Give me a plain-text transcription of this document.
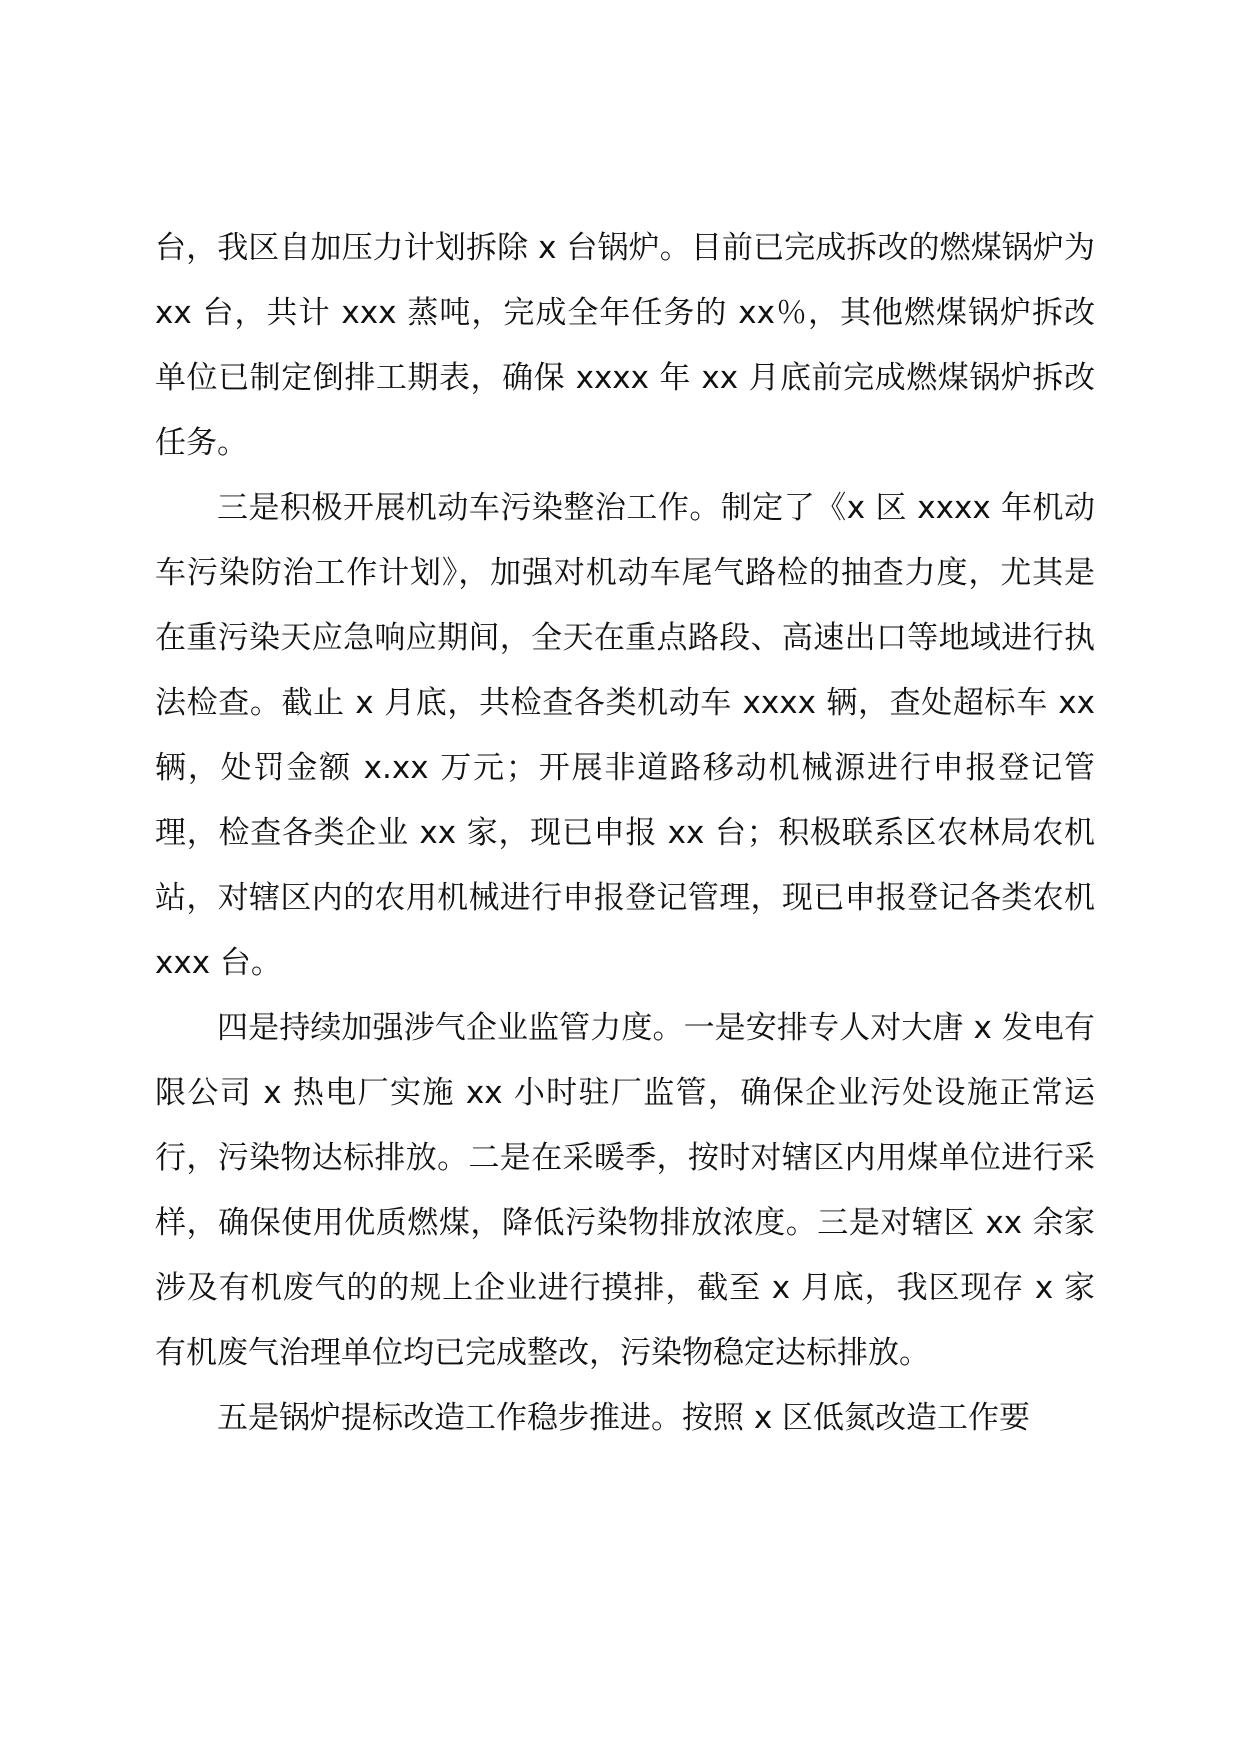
台，我区自加压力计划拆除 x 台锅炉。目前已完成拆改的燃煤锅炉为 xx 台，共计 xxx 蒸吨，完成全年任务的 xx％，其他燃煤锅炉拆改单位已制定倒排工期表，确保 xxxx 年 xx 月底前完成燃煤锅炉拆改任务。

三是积极开展机动车污染整治工作。制定了《x 区 xxxx 年机动车污染防治工作计划》，加强对机动车尾气路检的抽查力度，尤其是在重污染天应急响应期间，全天在重点路段、高速出口等地域进行执法检查。截止 x 月底，共检查各类机动车 xxxx 辆，查处超标车 xx 辆，处罚金额 x.xx 万元；开展非道路移动机械源进行申报登记管理，检查各类企业 xx 家，现已申报 xx 台；积极联系区农林局农机站，对辖区内的农用机械进行申报登记管理，现已申报登记各类农机 xxx 台。

四是持续加强涉气企业监管力度。一是安排专人对大唐 x 发电有限公司 x 热电厂实施 xx 小时驻厂监管，确保企业污处设施正常运行，污染物达标排放。二是在采暖季，按时对辖区内用煤单位进行采样，确保使用优质燃煤，降低污染物排放浓度。三是对辖区 xx 余家涉及有机废气的的规上企业进行摸排，截至 x 月底，我区现存 x 家有机废气治理单位均已完成整改，污染物稳定达标排放。

五是锅炉提标改造工作稳步推进。按照 x 区低氮改造工作要
